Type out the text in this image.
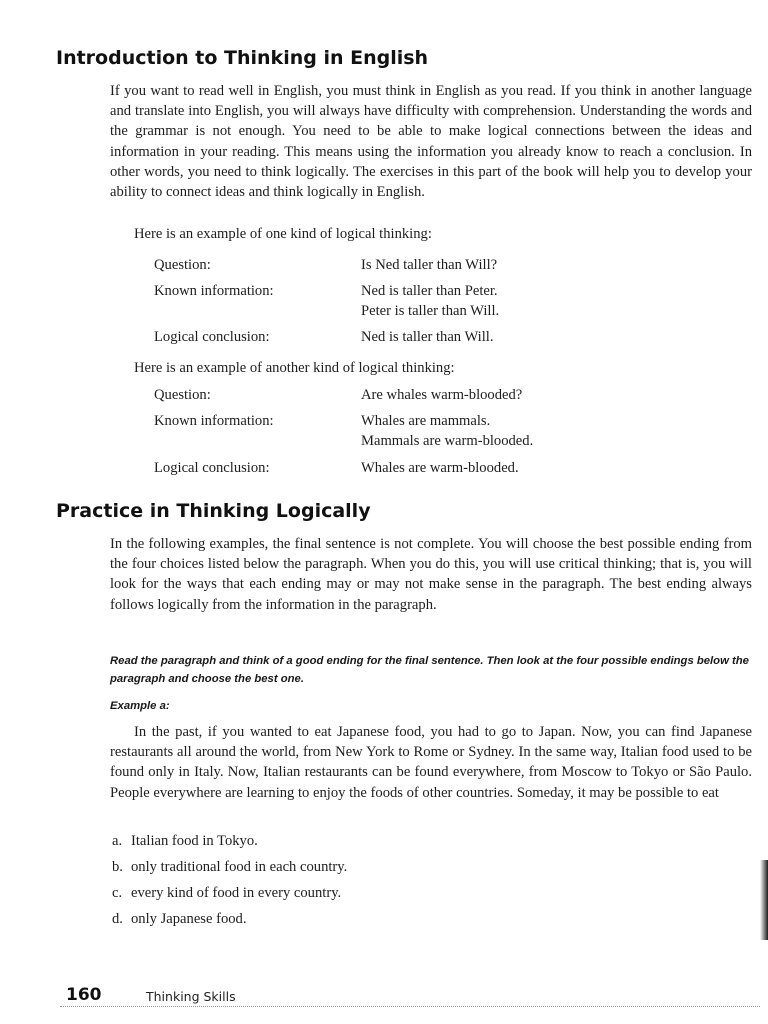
Introduction to Thinking in English

If you want to read well in English, you must think in English as you read. If you think in another language and translate into English, you will always have difficulty with comprehension. Understanding the words and the grammar is not enough. You need to be able to make logical connections between the ideas and information in your reading. This means using the information you already know to reach a conclusion. In other words, you need to think logically. The exercises in this part of the book will help you to develop your ability to connect ideas and think logically in English.

Here is an example of one kind of logical thinking:

Question:	Is Ned taller than Will?
Known information:	Ned is taller than Peter.
Peter is taller than Will.
Logical conclusion:	Ned is taller than Will.

Here is an example of another kind of logical thinking:

Question:	Are whales warm-blooded?
Known information:	Whales are mammals.
Mammals are warm-blooded.
Logical conclusion:	Whales are warm-blooded.
Practice in Thinking Logically

In the following examples, the final sentence is not complete. You will choose the best possible ending from the four choices listed below the paragraph. When you do this, you will use critical thinking; that is, you will look for the ways that each ending may or may not make sense in the paragraph. The best ending always follows logically from the information in the paragraph.

Read the paragraph and think of a good ending for the final sentence. Then look at the four possible endings below the paragraph and choose the best one.

Example a:

In the past, if you wanted to eat Japanese food, you had to go to Japan. Now, you can find Japanese restaurants all around the world, from New York to Rome or Sydney. In the same way, Italian food used to be found only in Italy. Now, Italian restaurants can be found everywhere, from Moscow to Tokyo or São Paulo. People everywhere are learning to enjoy the foods of other countries. Someday, it may be possible to eat

a. Italian food in Tokyo.
b. only traditional food in each country.
c. every kind of food in every country.
d. only Japanese food.
160	Thinking Skills
